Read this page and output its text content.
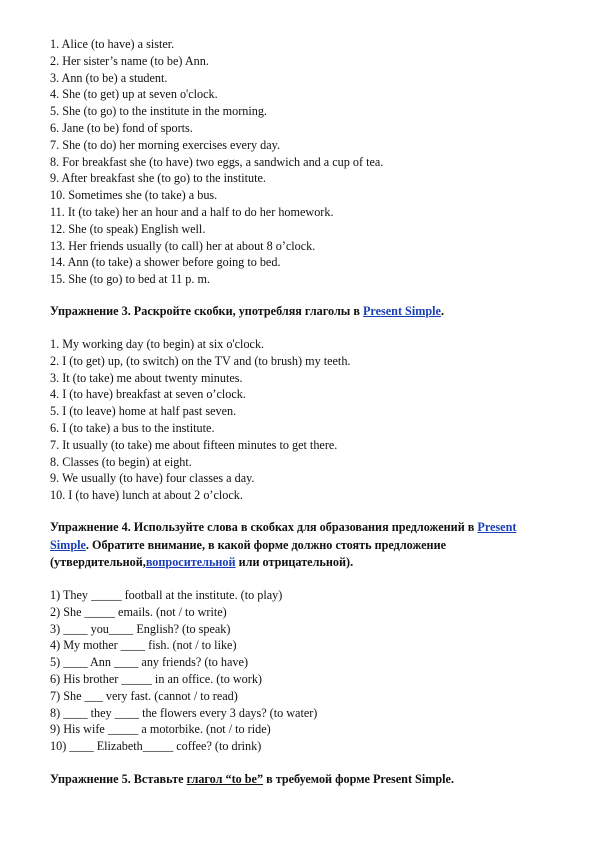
1. Alice (to have) a sister.
2. Her sister’s name (to be) Ann.
3. Ann (to be) a student.
4. She (to get) up at seven o'clock.
5. She (to go) to the institute in the morning.
6. Jane (to be) fond of sports.
7. She (to do) her morning exercises every day.
8. For breakfast she (to have) two eggs, a sandwich and a cup of tea.
9. After breakfast she (to go) to the institute.
10. Sometimes she (to take) a bus.
11. It (to take) her an hour and a half to do her homework.
12. She (to speak) English well.
13. Her friends usually (to call) her at about 8 o’clock.
14. Ann (to take) a shower before going to bed.
15. She (to go) to bed at 11 p. m.

Упражнение 3. Раскройте скобки, употребляя глаголы в Present Simple.

1. My working day (to begin) at six o'clock.
2. I (to get) up, (to switch) on the TV and (to brush) my teeth.
3. It (to take) me about twenty minutes.
4. I (to have) breakfast at seven o’clock.
5. I (to leave) home at half past seven.
6. I (to take) a bus to the institute.
7. It usually (to take) me about fifteen minutes to get there.
8. Classes (to begin) at eight.
9. We usually (to have) four classes a day.
10. I (to have) lunch at about 2 o’clock.

Упражнение 4. Используйте слова в скобках для образования предложений в Present Simple. Обратите внимание, в какой форме должно стоять предложение (утвердительной,вопросительной или отрицательной).

1) They _____ football at the institute. (to play)
2) She _____ emails. (not / to write)
3) ____ you____ English? (to speak)
4) My mother ____ fish. (not / to like)
5) ____ Ann ____ any friends? (to have)
6) His brother _____ in an office. (to work)
7) She ___ very fast. (cannot / to read)
8) ____ they ____ the flowers every 3 days? (to water)
9) His wife _____ a motorbike. (not / to ride)
10) ____ Elizabeth_____ coffee? (to drink)

Упражнение 5. Вставьте глагол “to be” в требуемой форме Present Simple.
